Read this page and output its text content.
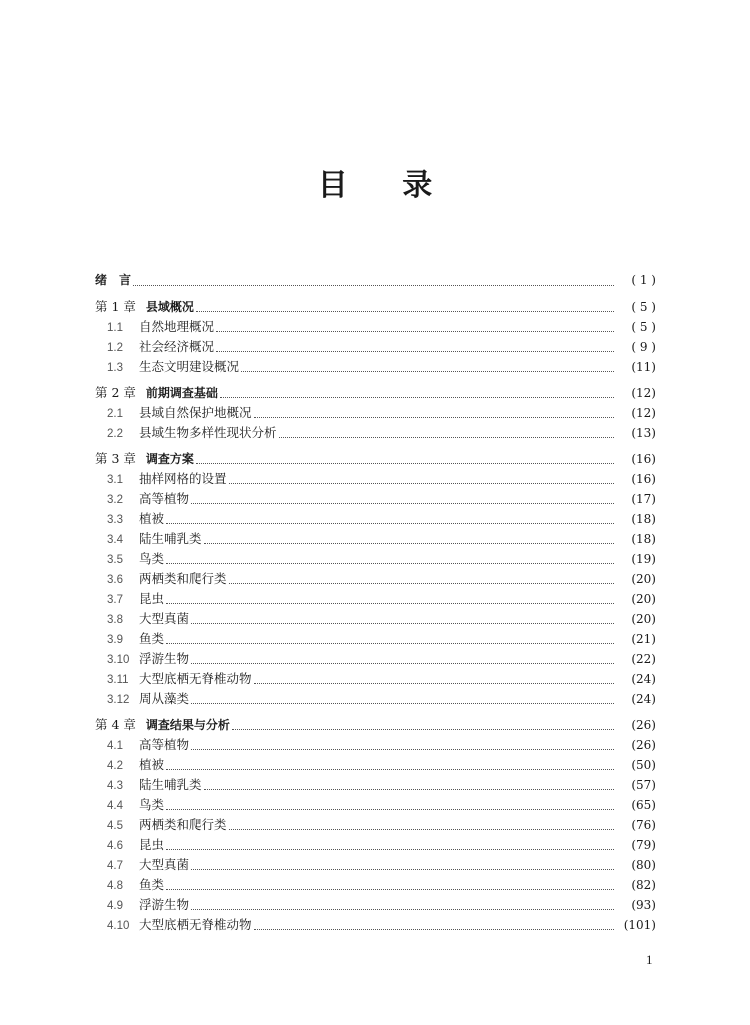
目 录
绪　言	( 1 )
第 1 章 县域概况	( 5 )
1.1	自然地理概况	( 5 )
1.2	社会经济概况	( 9 )
1.3	生态文明建设概况	(11)
第 2 章 前期调查基础	(12)
2.1	县域自然保护地概况	(12)
2.2	县域生物多样性现状分析	(13)
第 3 章 调查方案	(16)
3.1	抽样网格的设置	(16)
3.2	高等植物	(17)
3.3	植被	(18)
3.4	陆生哺乳类	(18)
3.5	鸟类	(19)
3.6	两栖类和爬行类	(20)
3.7	昆虫	(20)
3.8	大型真菌	(20)
3.9	鱼类	(21)
3.10 浮游生物	(22)
3.11 大型底栖无脊椎动物	(24)
3.12 周从藻类	(24)
第 4 章 调查结果与分析	(26)
4.1	高等植物	(26)
4.2	植被	(50)
4.3	陆生哺乳类	(57)
4.4	鸟类	(65)
4.5	两栖类和爬行类	(76)
4.6	昆虫	(79)
4.7	大型真菌	(80)
4.8	鱼类	(82)
4.9	浮游生物	(93)
4.10 大型底栖无脊椎动物	(101)
1
